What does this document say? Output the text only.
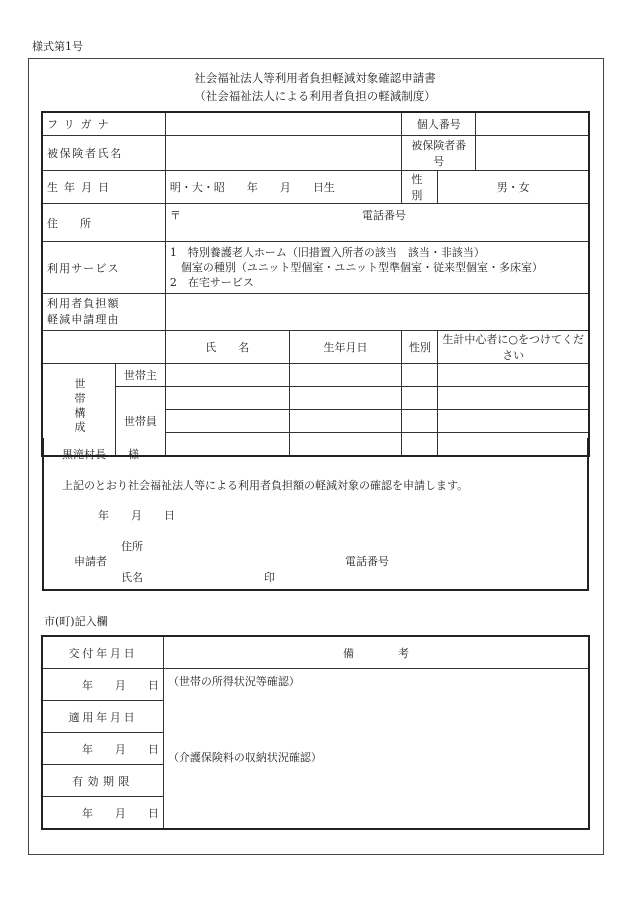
様式第1号
社会福祉法人等利用者負担軽減対象確認申請書
（社会福祉法人による利用者負担の軽減制度）
フリガナ				個人番号		
被保険者氏名				被保険者番号		
生年月日		明・大・昭　　年　　月　　日生		性別	男・女	
住　　所		〒 電話番号				

利用サービス		1　特別養護老人ホーム（旧措置入所者の該当　該当・非該当）
　個室の種別（ユニット型個室・ユニット型準個室・従来型個室・多床室）
2　在宅サービス				

利用者負担額
軽減申請理由						

		氏　　名	生年月日	性別	生計中心者に○をつけてください	
世帯構成	世帯主					
	世帯員					

黒滝村長　　様
上記のとおり社会福祉法人等による利用者負担額の軽減対象の確認を申請します。
年　　月　　日
住所
申請者	電話番号
氏名	印
市(町)記入欄
交付年月日	備　　　　考
年　　月　　日	（世帯の所得状況等確認）
（介護保険料の収納状況確認）

適用年月日	
年　　月　　日	
有効期限	
年　　月　　日	
